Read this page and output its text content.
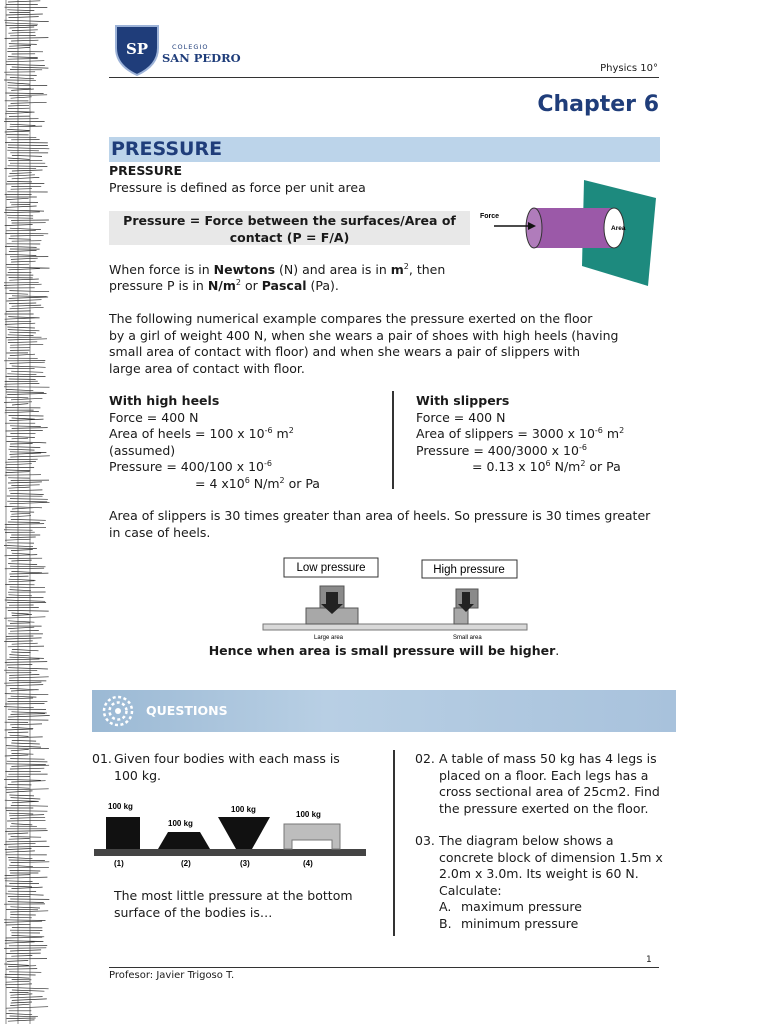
SP	COLEGIO
SAN PEDRO
Physics 10°
Chapter 6
PRESSURE
PRESSURE
Pressure is defined as force per unit area
Pressure = Force between the surfaces/Area of
contact (P = F/A)
Force
Area
When force is in Newtons (N) and area is in $m^2$, then
pressure P is in $N/m^2$ or Pascal (Pa).
The following numerical example compares the pressure exerted on the floor
by a girl of weight 400 N, when she wears a pair of shoes with high heels (having
small area of contact with floor) and when she wears a pair of slippers with
large area of contact with floor.
With high heels
Force = 400 N
Area of heels = 100 x $10^{-6}$ $m^2$
(assumed)
Pressure = 400/100 x $10^{-6}$
= 4 $x10^6$ $N/m^2$ or Pa
With slippers
Force = 400 N
Area of slippers = 3000 x $10^{-6}$ $m^2$
Pressure = 400/3000 x $10^{-6}$
= 0.13 x $10^6$ $N/m^2$ or Pa
Area of slippers is 30 times greater than area of heels. So pressure is 30 times greater
in case of heels.
Low pressure	High pressure
Large area	Small area
Hence when area is small pressure will be higher.
QUESTIONS
01. Given four bodies with each mass is
100 kg.
100 kg
100 kg
100 kg
100 kg
(1)	(2)	(3)	(4)
The most little pressure at the bottom
surface of the bodies is…
02. A table of mass 50 kg has 4 legs is
placed on a floor. Each legs has a
cross sectional area of 25cm2. Find
the pressure exerted on the floor.
03. The diagram below shows a
concrete block of dimension 1.5m x
2.0m x 3.0m. Its weight is 60 N.
Calculate:
A. maximum pressure
B. minimum pressure
1
Profesor: Javier Trigoso T.
